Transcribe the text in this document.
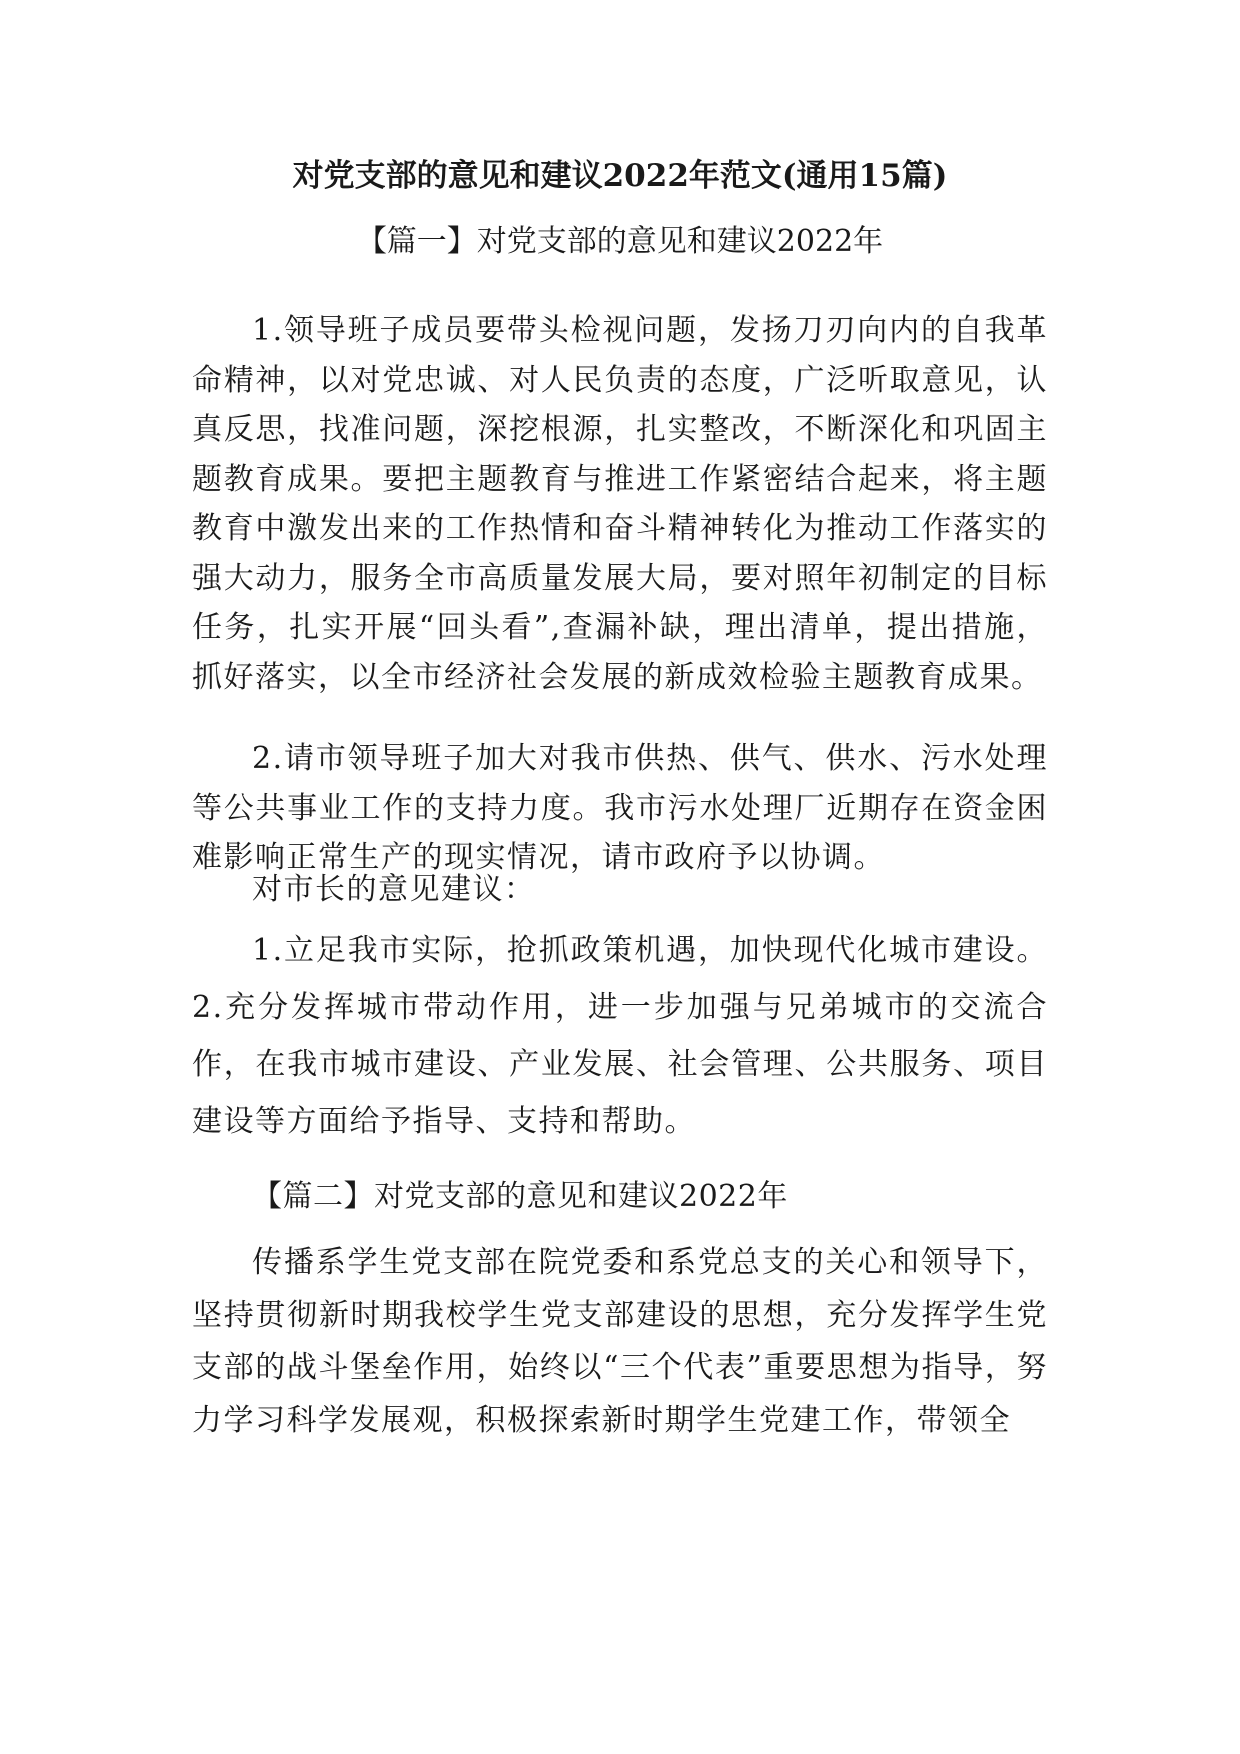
对党支部的意见和建议2022年范文(通用15篇)
【篇一】对党支部的意见和建议2022年

1.领导班子成员要带头检视问题，发扬刀刃向内的自我革命精神，以对党忠诚、对人民负责的态度，广泛听取意见，认真反思，找准问题，深挖根源，扎实整改，不断深化和巩固主题教育成果。要把主题教育与推进工作紧密结合起来，将主题教育中激发出来的工作热情和奋斗精神转化为推动工作落实的强大动力，服务全市高质量发展大局，要对照年初制定的目标任务，扎实开展“回头看”,查漏补缺，理出清单，提出措施，抓好落实，以全市经济社会发展的新成效检验主题教育成果。

2.请市领导班子加大对我市供热、供气、供水、污水处理等公共事业工作的支持力度。我市污水处理厂近期存在资金困难影响正常生产的现实情况，请市政府予以协调。

对市长的意见建议：

1.立足我市实际，抢抓政策机遇，加快现代化城市建设。2.充分发挥城市带动作用，进一步加强与兄弟城市的交流合作，在我市城市建设、产业发展、社会管理、公共服务、项目建设等方面给予指导、支持和帮助。

【篇二】对党支部的意见和建议2022年

传播系学生党支部在院党委和系党总支的关心和领导下，坚持贯彻新时期我校学生党支部建设的思想，充分发挥学生党支部的战斗堡垒作用，始终以“三个代表”重要思想为指导，努力学习科学发展观，积极探索新时期学生党建工作，带领全
